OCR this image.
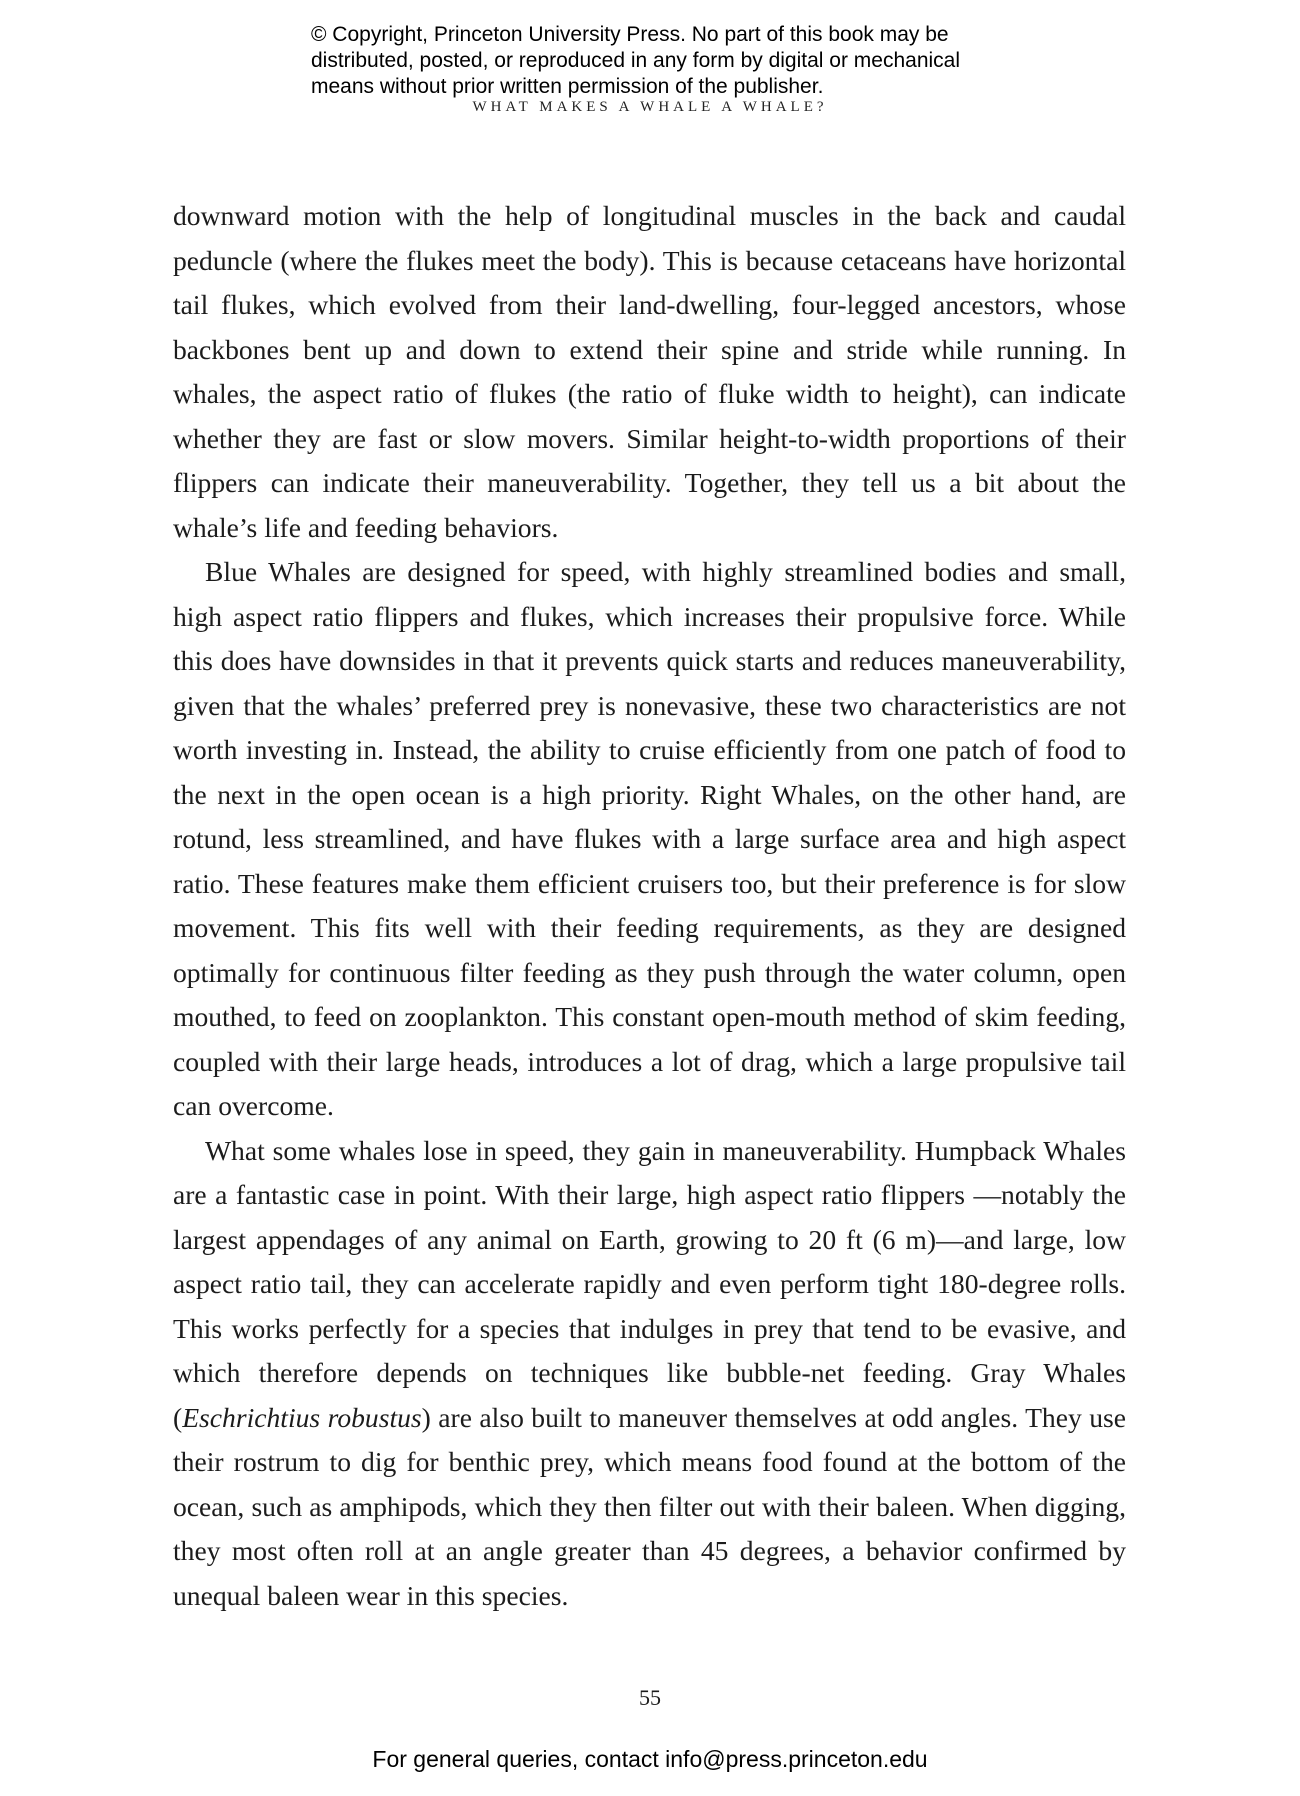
© Copyright, Princeton University Press. No part of this book may be
distributed, posted, or reproduced in any form by digital or mechanical
means without prior written permission of the publisher.
WHAT MAKES A WHALE A WHALE?

downward motion with the help of longitudinal muscles in the back and caudal peduncle (where the flukes meet the body). This is because cetaceans have horizontal tail flukes, which evolved from their land-dwelling, four-legged ancestors, whose backbones bent up and down to extend their spine and stride while running. In whales, the aspect ratio of flukes (the ratio of fluke width to height), can indicate whether they are fast or slow movers. Similar height-to-width proportions of their flippers can indicate their maneuverability. Together, they tell us a bit about the whale’s life and feeding behaviors.

Blue Whales are designed for speed, with highly streamlined bodies and small, high aspect ratio flippers and flukes, which increases their propulsive force. While this does have downsides in that it prevents quick starts and reduces maneuverability, given that the whales’ preferred prey is nonevasive, these two characteristics are not worth investing in. Instead, the ability to cruise efficiently from one patch of food to the next in the open ocean is a high priority. Right Whales, on the other hand, are rotund, less streamlined, and have flukes with a large surface area and high aspect ratio. These features make them efficient cruisers too, but their preference is for slow movement. This fits well with their feeding requirements, as they are designed optimally for continuous filter feeding as they push through the water column, open mouthed, to feed on zooplankton. This constant open-mouth method of skim feeding, coupled with their large heads, introduces a lot of drag, which a large propulsive tail can overcome.

What some whales lose in speed, they gain in maneuverability. Humpback Whales are a fantastic case in point. With their large, high aspect ratio flippers —notably the largest appendages of any animal on Earth, growing to 20 ft (6 m)—and large, low aspect ratio tail, they can accelerate rapidly and even perform tight 180-degree rolls. This works perfectly for a species that indulges in prey that tend to be evasive, and which therefore depends on techniques like bubble-net feeding. Gray Whales (Eschrichtius robustus) are also built to maneuver themselves at odd angles. They use their rostrum to dig for benthic prey, which means food found at the bottom of the ocean, such as amphipods, which they then filter out with their baleen. When digging, they most often roll at an angle greater than 45 degrees, a behavior confirmed by unequal baleen wear in this species.

55
For general queries, contact info@press.princeton.edu
